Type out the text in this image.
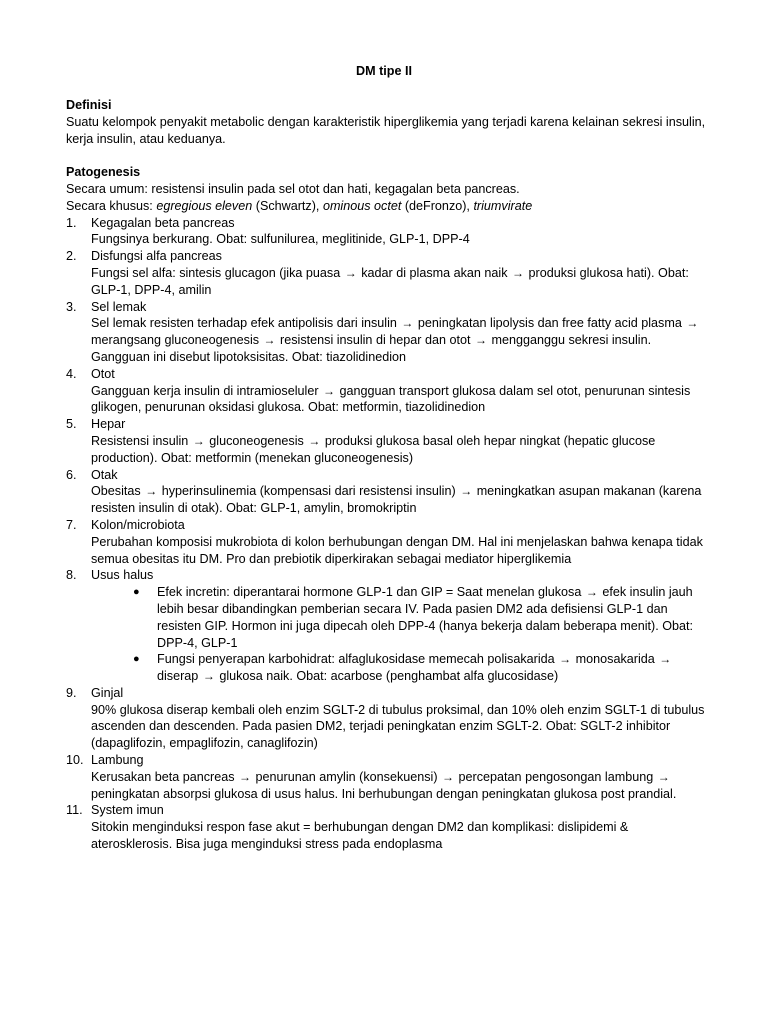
DM tipe II
Definisi
Suatu kelompok penyakit metabolic dengan karakteristik hiperglikemia yang terjadi karena kelainan sekresi insulin, kerja insulin, atau keduanya.
Patogenesis
Secara umum: resistensi insulin pada sel otot dan hati, kegagalan beta pancreas.
Secara khusus: egregious eleven (Schwartz), ominous octet (deFronzo), triumvirate
1.	Kegagalan beta pancreas
Fungsinya berkurang. Obat: sulfunilurea, meglitinide, GLP-1, DPP-4
2.	Disfungsi alfa pancreas
Fungsi sel alfa: sintesis glucagon (jika puasa → kadar di plasma akan naik → produksi glukosa hati). Obat: GLP-1, DPP-4, amilin
3.	Sel lemak
Sel lemak resisten terhadap efek antipolisis dari insulin → peningkatan lipolysis dan free fatty acid plasma → merangsang gluconeogenesis → resistensi insulin di hepar dan otot → mengganggu sekresi insulin. Gangguan ini disebut lipotoksisitas. Obat: tiazolidinedion
4.	Otot
Gangguan kerja insulin di intramioseluler → gangguan transport glukosa dalam sel otot, penurunan sintesis glikogen, penurunan oksidasi glukosa. Obat: metformin, tiazolidinedion
5.	Hepar
Resistensi insulin → gluconeogenesis → produksi glukosa basal oleh hepar ningkat (hepatic glucose production). Obat: metformin (menekan gluconeogenesis)
6.	Otak
Obesitas → hyperinsulinemia (kompensasi dari resistensi insulin) → meningkatkan asupan makanan (karena resisten insulin di otak). Obat: GLP-1, amylin, bromokriptin
7.	Kolon/microbiota
Perubahan komposisi mukrobiota di kolon berhubungan dengan DM. Hal ini menjelaskan bahwa kenapa tidak semua obesitas itu DM. Pro dan prebiotik diperkirakan sebagai mediator hiperglikemia
8.	Usus halus
● Efek incretin: diperantarai hormone GLP-1 dan GIP = Saat menelan glukosa → efek insulin jauh lebih besar dibandingkan pemberian secara IV. Pada pasien DM2 ada defisiensi GLP-1 dan resisten GIP. Hormon ini juga dipecah oleh DPP-4 (hanya bekerja dalam beberapa menit). Obat: DPP-4, GLP-1
● Fungsi penyerapan karbohidrat: alfaglukosidase memecah polisakarida → monosakarida → diserap → glukosa naik. Obat: acarbose (penghambat alfa glucosidase)
9.	Ginjal
90% glukosa diserap kembali oleh enzim SGLT-2 di tubulus proksimal, dan 10% oleh enzim SGLT-1 di tubulus ascenden dan descenden. Pada pasien DM2, terjadi peningkatan enzim SGLT-2. Obat: SGLT-2 inhibitor (dapaglifozin, empaglifozin, canaglifozin)
10. Lambung
Kerusakan beta pancreas → penurunan amylin (konsekuensi) → percepatan pengosongan lambung → peningkatan absorpsi glukosa di usus halus. Ini berhubungan dengan peningkatan glukosa post prandial.
11. System imun
Sitokin menginduksi respon fase akut = berhubungan dengan DM2 dan komplikasi: dislipidemi & aterosklerosis. Bisa juga menginduksi stress pada endoplasma
